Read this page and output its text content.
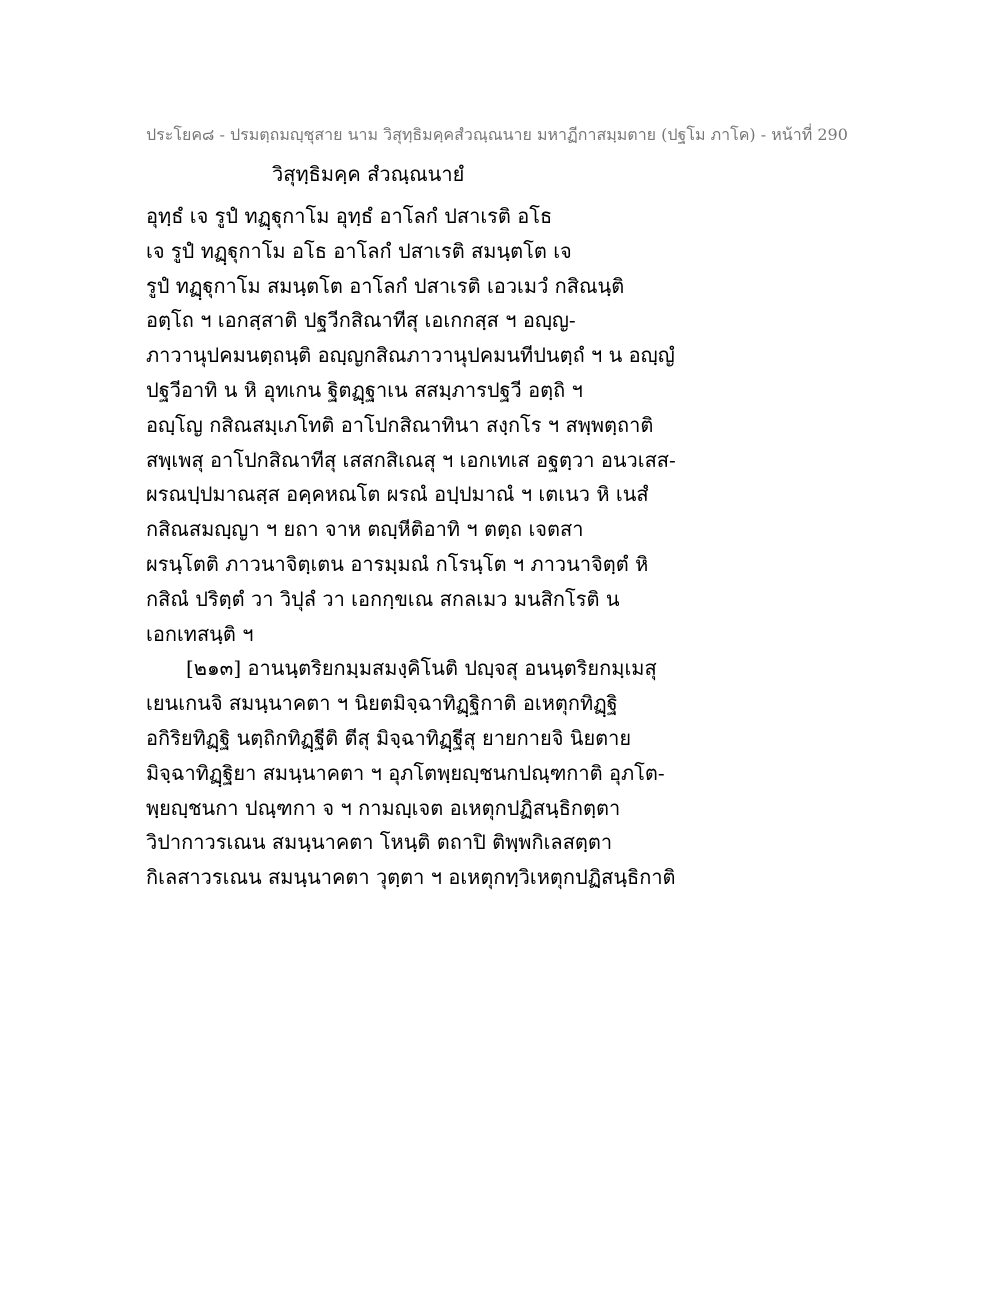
ประโยค๘ - ปรมตฺถมญฺชุสาย นาม วิสุทฺธิมคฺคสํวณฺณนาย มหาฏีกาสมฺมตาย (ปฐโม ภาโค) - หน้าที่ 290
วิสุทฺธิมคฺค สํวณฺณนายํ
อุทฺธํ เจ รูปํ ทฏฺฐุกาโม อุทฺธํ อาโลกํ ปสาเรติ อโธ
เจ รูปํ ทฏฺฐุกาโม อโธ อาโลกํ ปสาเรติ สมนฺตโต เจ
รูปํ ทฏฺฐุกาโม สมนฺตโต อาโลกํ ปสาเรติ เอวเมวํ กสิณนฺติ
อตฺโถ ฯ เอกสฺสาติ ปฐวีกสิณาทีสุ เอเกกสฺส ฯ อญฺญ-
ภาวานุปคมนตฺถนฺติ อญฺญกสิณภาวานุปคมนทีปนตฺถํ ฯ น อญฺญํ
ปฐวีอาทิ น หิ อุทเกน ฐิตฏฺฐาเน สสมฺภารปฐวี อตฺถิ ฯ
อญฺโญ กสิณสมฺเภโทติ อาโปกสิณาทินา สงฺกโร ฯ สพฺพตฺถาติ
สพฺเพสุ อาโปกสิณาทีสุ เสสกสิเณสุ ฯ เอกเทเส อฐตฺวา อนวเสส-
ผรณปฺปมาณสฺส อคฺคหณโต ผรณํ อปฺปมาณํ ฯ เตเนว หิ เนสํ
กสิณสมญฺญา ฯ ยถา จาห ตญฺหีติอาทิ ฯ ตตฺถ เจตสา
ผรนฺโตติ ภาวนาจิตฺเตน อารมฺมณํ กโรนฺโต ฯ ภาวนาจิตฺตํ หิ
กสิณํ ปริตฺตํ วา วิปุลํ วา เอกกฺขเณ สกลเมว มนสิกโรติ น
เอกเทสนฺติ ฯ
[๒๑๓] อานนฺตริยกมฺมสมงฺคิโนติ ปญฺจสุ อนนฺตริยกมฺเมสุ
เยนเกนจิ สมนฺนาคตา ฯ นิยตมิจฺฉาทิฏฺฐิกาติ อเหตุกทิฏฺฐิ
อกิริยทิฏฺฐิ นตฺถิกทิฏฺฐีติ ตีสุ มิจฺฉาทิฏฺฐีสุ ยายกายจิ นิยตาย
มิจฺฉาทิฏฺฐิยา สมนฺนาคตา ฯ อุภโตพฺยญฺชนกปณฺฑกาติ อุภโต-
พฺยญฺชนกา ปณฺฑกา จ ฯ กามญฺเจต อเหตุกปฏิสนฺธิกตฺตา
วิปากาวรเณน สมนฺนาคตา โหนฺติ ตถาปิ ติพฺพกิเลสตฺตา
กิเลสาวรเณน สมนฺนาคตา วุตฺตา ฯ อเหตุกทฺวิเหตุกปฏิสนฺธิกาติ
